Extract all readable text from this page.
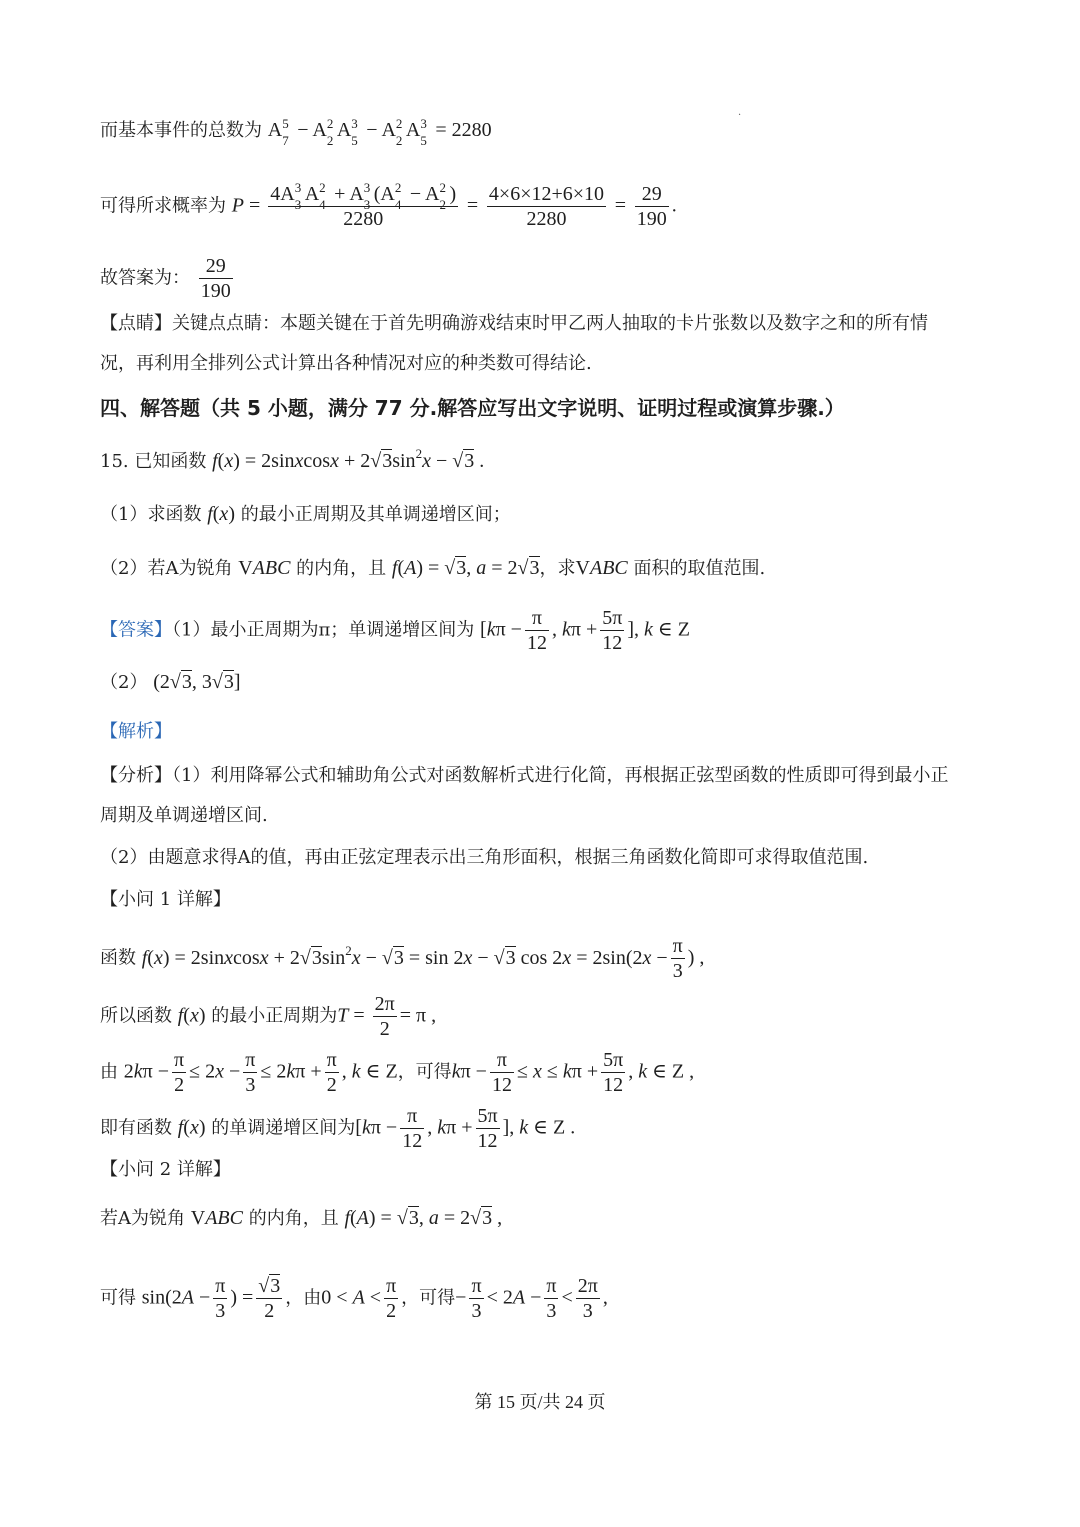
·
而基本事件的总数为 A 5
7 − A 2
2 A 3
5 − A 2
2 A 3
5 = 2280
可得所求概率为 P = 4A 3
3 A 2
4 + A 3
3 (A 2
4 − A 2
2 )
$2280 = \frac{4\times 6\times 12+6\times 10}{2280} = \frac{29}{190}$ .
故答案为： $\frac{29}{190}$
【点睛】关键点点睛：本题关键在于首先明确游戏结束时甲乙两人抽取的卡片张数以及数字之和的所有情
况，再利用全排列公式计算出各种情况对应的种类数可得结论.
四、解答题（共 5 小题，满分 77 分.解答应写出文字说明、证明过程或演算步骤.）
15. 已知函数 f(x) = 2sinxcosx + $2√3\sin^2x - √3$ .
（1）求函数 f(x) 的最小正周期及其单调递增区间；
（2）若A为锐角 VABC 的内角，且 f(A) = √3, a = 2√3，求VABC 面积的取值范围.
【答案】（1）最小正周期为π；单调递增区间为 [$k\pi - \frac{\pi}{12}$ , $k\pi + \frac{5\pi}{12}$ ], k ∈ Z
（2） (2√3, 3√3]
【解析】
【分析】（1）利用降幂公式和辅助角公式对函数解析式进行化简，再根据正弦型函数的性质即可得到最小正
周期及单调递增区间.
（2）由题意求得A的值，再由正弦定理表示出三角形面积，根据三角函数化简即可求得取值范围.
【小问 1 详解】
函数 f(x) = 2sinxcosx + $2√3\sin^2x - √3 = \sin 2x - √3$ $\cos 2x = 2\sin(2x - \frac{\pi}{3}$ ) ,
所以函数 f(x) 的最小正周期为$T = \frac{2\pi}{2} = \pi$ ,
由 $2k\pi - \frac{\pi}{2} \le 2x - \frac{\pi}{3} \le 2k\pi + \frac{\pi}{2}$ , k ∈ Z，可得$k\pi - \frac{\pi}{12} \le x \le k\pi + \frac{5\pi}{12}$ , k ∈ Z ,
即有函数 f(x) 的单调递增区间为[$k\pi - \frac{\pi}{12}$ , $k\pi + \frac{5\pi}{12}$ ], k ∈ Z .
【小问 2 详解】
若A为锐角 VABC 的内角，且 f(A) = √3, a = 2√3 ,
可得 $\sin(2A - \frac{\pi}{3}$ ) = $\frac{√3}{2}$ ，由$0 < A < \frac{\pi}{2}$ ，可得− $\frac{\pi}{3} < 2A - \frac{\pi}{3} < \frac{2\pi}{3}$ ,
第 15 页/共 24 页
